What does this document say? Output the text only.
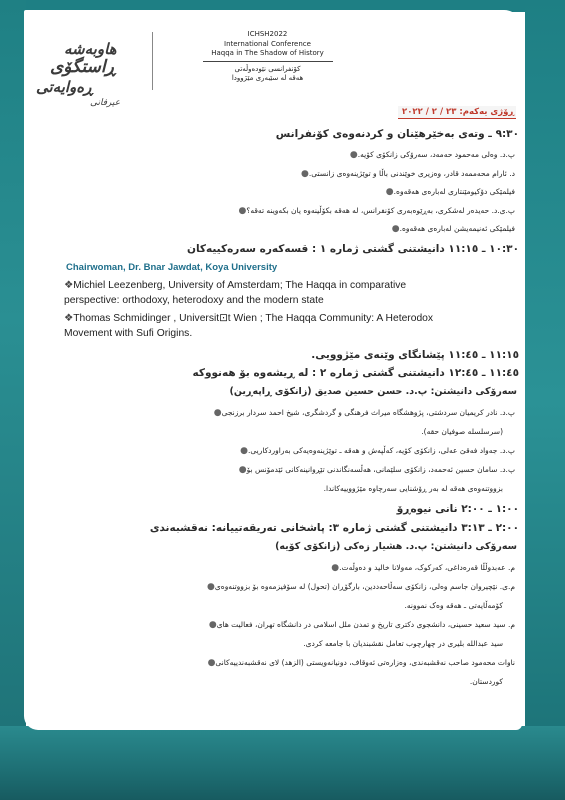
هاوبەشە
ڕاستگۆی
ڕەوایەتی
عیرفانی
ICHSH2022
International Conference
Haqqa in The Shadow of History
کۆنفرانسی نێودەوڵەتی
هەقە لە سێبەری مێژوودا
ڕۆژی یەکەم: ٢٣ / ٢ / ٢٠٢٢
٩:٣٠ ـ وتەی بەخێرهێنان و کردنەوەی کۆنفرانس
پ.د. وەلی مەحمود حەمەد، سەرۆکی زانکۆی کۆیە.●
د. ئارام محەممەد قادر، وەزیری خوێندنی باڵا و توێژینەوەی زانستی.●
فیلمێکی دۆکیومێنتاری لەبارەی هەقەوە.●
پ.ی.د. حەیدەر لەشکری، بەڕێوەبەری کۆنفرانس، لە هەقە بکۆڵینەوە یان بکەوینە تەقە؟●
فیلمێکی ئەنیمەیشن لەبارەی هەقەوە.●
١٠:٣٠ ـ ١١:١٥ دانیشتنی گشتی ژمارە ١ : قسەکەرە سەرەکییەکان
Chairwoman, Dr. Bnar Jawdat, Koya University
❖Michiel Leezenberg, University of Amsterdam; The Haqqa in comparative
perspective: orthodoxy, heterodoxy and the modern state
❖Thomas Schmidinger , Universit⊡t Wien ; The Haqqa Community: A Heterodox
Movement with Sufi Origins.
١١:١٥ ـ ١١:٤٥ پێشانگای وێنەی مێژوویی.
١١:٤٥ ـ ١٢:٤٥ دانیشتنی گشتی ژمارە ٢ : لە ڕیشەوە بۆ هەنووکە
سەرۆکی دانیشتن: پ.د. حسن حسين صديق (زانکۆی ڕاپەڕین)
پ.د. نادر کریمیان سردشتی، پژوهشگاه میراث فرهنگی و گردشگری، شیخ احمد سردار برزنجی●
(سرسلسله صوفیان حقه).
پ.د. جەواد فەقێ عەلی، زانکۆی کۆیە، کەڵپەش و هەقە ـ توێژینەوەیەکی بەراوردکاریی.●
پ.د. سامان حسین ئەحمەد، زانکۆی سلێمانی، هەڵسەنگاندنی تێڕوانینەکانی ئێدمۆنس بۆ●
بزووتنەوەی هەقە لە بەر ڕۆشنایی سەرچاوە مێژووییەکاندا.
١:٠٠ ـ ٢:٠٠ نانی نیوەڕۆ
٢:٠٠ ـ ٣:١٣ دانیشتنی گشتی ژمارە ٣: پاشخانی تەریقەتییانە: نەقشبەندی
سەرۆکی دانیشتن: پ.د. هشیار زەکی (زانکۆی کۆیە)
م. عەبدوڵڵا قەرەداغی، کەرکوک، مەولانا خالید و دەوڵەت.●
م.ی. نێچیروان جاسم وەلی، زانکۆی سەڵاحەددین، بارگۆڕان (تحول) لە سۆفیزمەوە بۆ بزووتنەوەی●
کۆمەڵایەتی ـ هەقە وەک نموونە.
م. سید سعید حسینی، دانشجوی دکتری تاریخ و تمدن ملل اسلامی در دانشگاه تهران، فعالیت های●
سید عبدالله بلیری در چهارچوب تعامل نقشبندیان با جامعه کردی.
ناوات محەمود صاحب نەقشبەندی، وەزارەتی ئەوقاف، دونیانەویستی (الزهد) لای نەقشبەندییەکانی●
کوردستان.
